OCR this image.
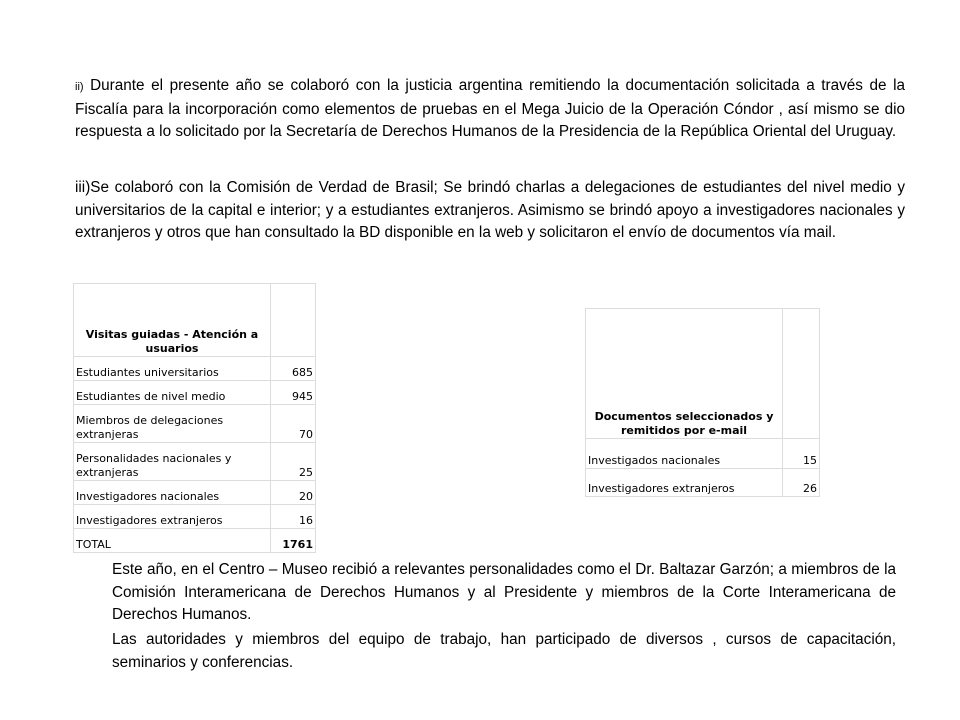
ii) Durante el presente año se colaboró con la justicia argentina remitiendo la documentación solicitada a través de la Fiscalía para la incorporación como elementos de pruebas en el Mega Juicio de la Operación Cóndor , así mismo se dio respuesta a lo solicitado por la Secretaría de Derechos Humanos de la Presidencia de la República Oriental del Uruguay.

iii)Se colaboró con la Comisión de Verdad de Brasil; Se brindó charlas a delegaciones de estudiantes del nivel medio y universitarios de la capital e interior; y a estudiantes extranjeros. Asimismo se brindó apoyo a investigadores nacionales y extranjeros y otros que han consultado la BD disponible en la web y solicitaron el envío de documentos vía mail.

Visitas guiadas - Atención a usuarios	
Estudiantes universitarios	685
Estudiantes de nivel medio	945
Miembros de delegaciones extranjeras	70
Personalidades nacionales y extranjeras	25
Investigadores nacionales	20
Investigadores extranjeros	16
TOTAL	1761
Documentos seleccionados y remitidos por e-mail	
Investigados nacionales	15
Investigadores extranjeros	26

Este año, en el Centro – Museo recibió a relevantes personalidades como el Dr. Baltazar Garzón; a miembros de la Comisión Interamericana de Derechos Humanos y al Presidente y miembros de la Corte Interamericana de Derechos Humanos.

Las autoridades y miembros del equipo de trabajo, han participado de diversos , cursos de capacitación, seminarios y conferencias.
